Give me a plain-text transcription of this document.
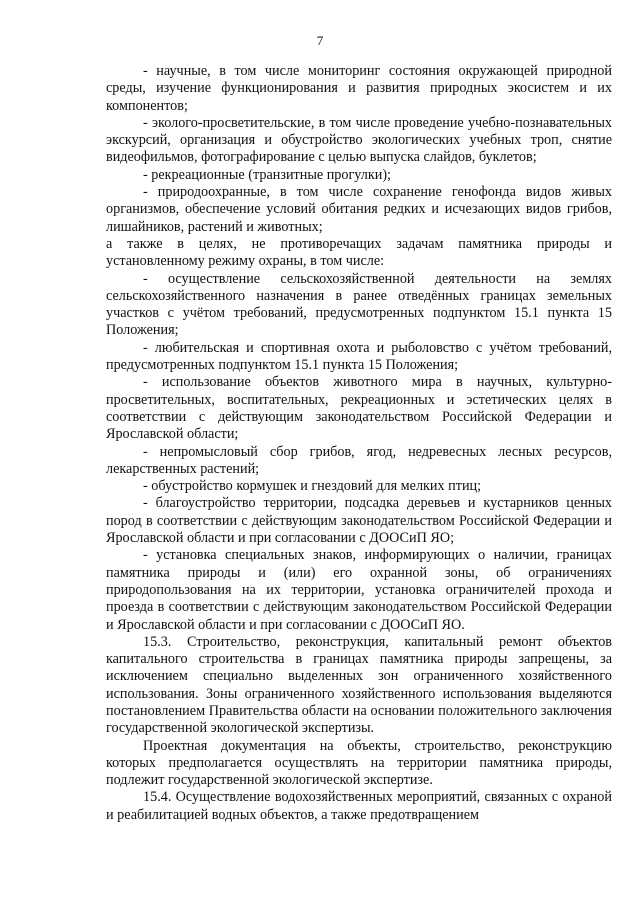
7

- научные, в том числе мониторинг состояния окружающей природной среды, изучение функционирования и развития природных экосистем и их компонентов;

- эколого-просветительские, в том числе проведение учебно-познавательных экскурсий, организация и обустройство экологических учебных троп, снятие видеофильмов, фотографирование с целью выпуска слайдов, буклетов;

- рекреационные (транзитные прогулки);

- природоохранные, в том числе сохранение генофонда видов живых организмов, обеспечение условий обитания редких и исчезающих видов грибов, лишайников, растений и животных;

а также в целях, не противоречащих задачам памятника природы и установленному режиму охраны, в том числе:

- осуществление сельскохозяйственной деятельности на землях сельскохозяйственного назначения в ранее отведённых границах земельных участков с учётом требований, предусмотренных подпунктом 15.1 пункта 15 Положения;

- любительская и спортивная охота и рыболовство с учётом требований, предусмотренных подпунктом 15.1 пункта 15 Положения;

- использование объектов животного мира в научных, культурно-просветительных, воспитательных, рекреационных и эстетических целях в соответствии с действующим законодательством Российской Федерации и Ярославской области;

- непромысловый сбор грибов, ягод, недревесных лесных ресурсов, лекарственных растений;

- обустройство кормушек и гнездовий для мелких птиц;

- благоустройство территории, подсадка деревьев и кустарников ценных пород в соответствии с действующим законодательством Российской Федерации и Ярославской области и при согласовании с ДООСиП ЯО;

- установка специальных знаков, информирующих о наличии, границах памятника природы и (или) его охранной зоны, об ограничениях природопользования на их территории, установка ограничителей прохода и проезда в соответствии с действующим законодательством Российской Федерации и Ярославской области и при согласовании с ДООСиП ЯО.

15.3. Строительство, реконструкция, капитальный ремонт объектов капитального строительства в границах памятника природы запрещены, за исключением специально выделенных зон ограниченного хозяйственного использования. Зоны ограниченного хозяйственного использования выделяются постановлением Правительства области на основании положительного заключения государственной экологической экспертизы.

Проектная документация на объекты, строительство, реконструкцию которых предполагается осуществлять на территории памятника природы, подлежит государственной экологической экспертизе.

15.4. Осуществление водохозяйственных мероприятий, связанных с охраной и реабилитацией водных объектов, а также предотвращением
